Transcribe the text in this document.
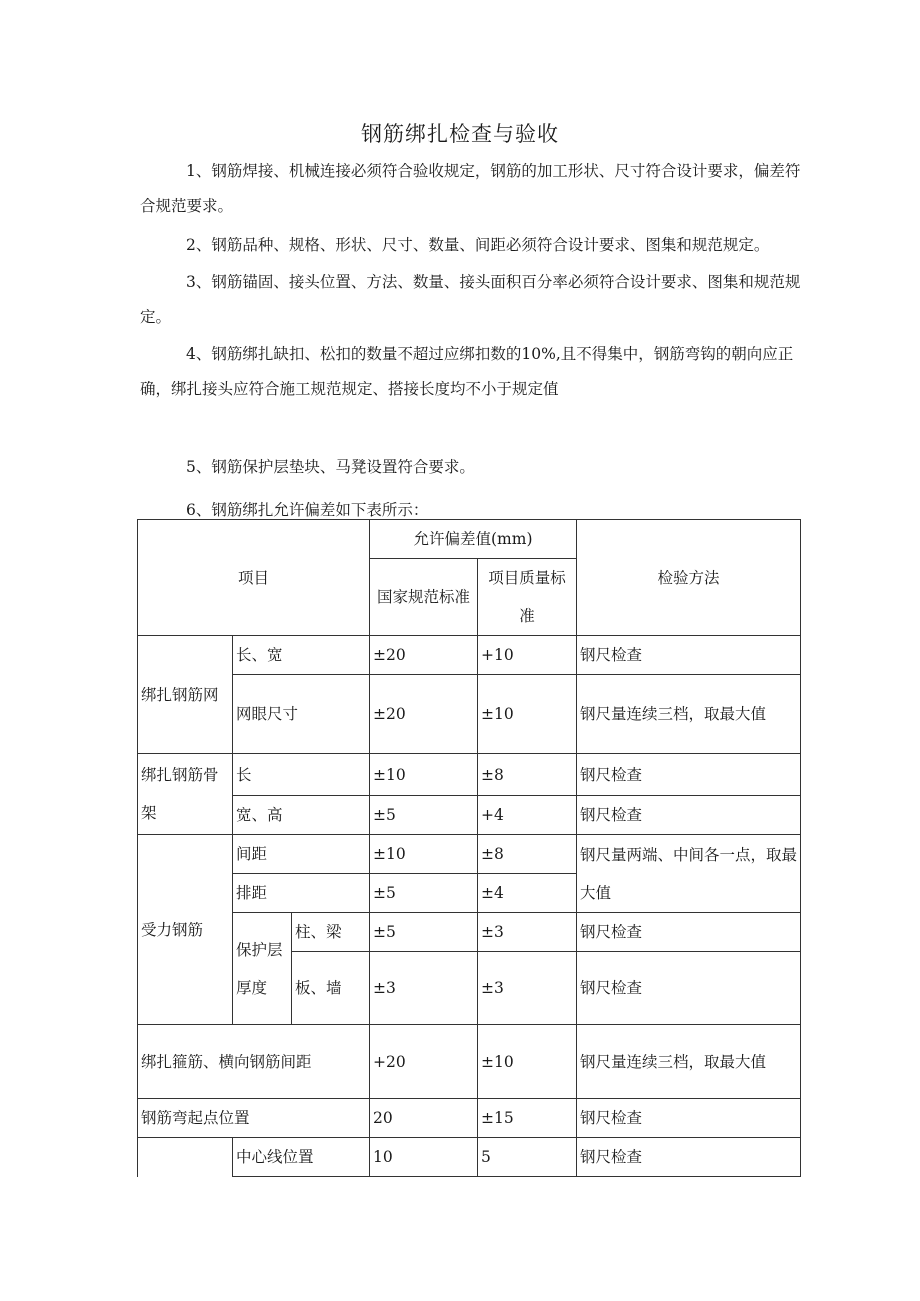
钢筋绑扎检查与验收

1、钢筋焊接、机械连接必须符合验收规定，钢筋的加工形状、尺寸符合设计要求，偏差符合规范要求。

2、钢筋品种、规格、形状、尺寸、数量、间距必须符合设计要求、图集和规范规定。

3、钢筋锚固、接头位置、方法、数量、接头面积百分率必须符合设计要求、图集和规范规定。

4、钢筋绑扎缺扣、松扣的数量不超过应绑扣数的10%,且不得集中，钢筋弯钩的朝向应正确，绑扎接头应符合施工规范规定、搭接长度均不小于规定值

5、钢筋保护层垫块、马凳设置符合要求。

6、钢筋绑扎允许偏差如下表所示：

项目			允许偏差值(mm)		检验方法
			国家规范标准	项目质量标准	
绑扎钢筋网	长、宽		±20	+10	钢尺检查
	网眼尺寸		±20	±10	钢尺量连续三档，取最大值
绑扎钢筋骨架	长		±10	±8	钢尺检查
	宽、高		±5	+4	钢尺检查
受力钢筋	间距		±10	±8	钢尺量两端、中间各一点，取最大值
	排距		±5	±4	
	保护层厚度	柱、梁	±5	±3	钢尺检查
		板、墙	±3	±3	钢尺检查
绑扎箍筋、横向钢筋间距			+20	±10	钢尺量连续三档，取最大值
钢筋弯起点位置			20	±15	钢尺检查
	中心线位置		10	5	钢尺检查
